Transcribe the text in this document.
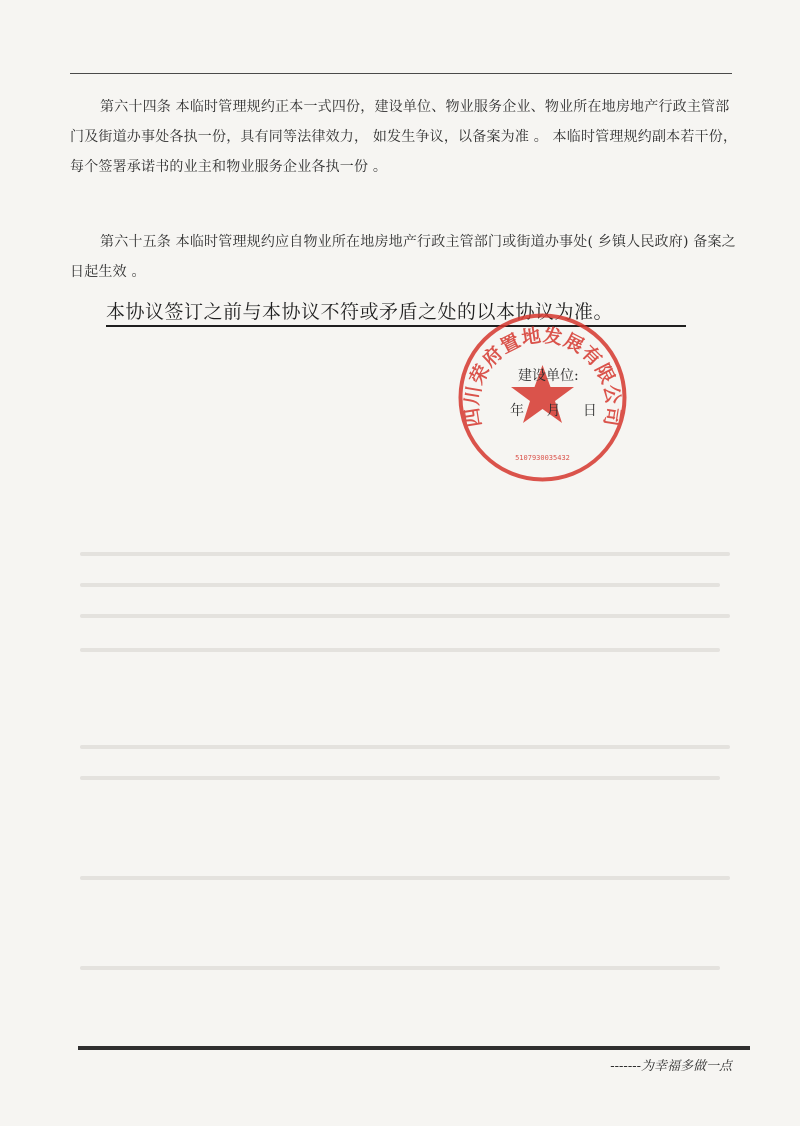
第六十四条 本临时管理规约正本一式四份，建设单位、物业服务企业、物业所在地房地产行政主管部门及街道办事处各执一份，具有同等法律效力， 如发生争议，以备案为准 。 本临时管理规约副本若干份， 每个签署承诺书的业主和物业服务企业各执一份 。
第六十五条 本临时管理规约应自物业所在地房地产行政主管部门或街道办事处( 乡镇人民政府) 备案之日起生效 。
本协议签订之前与本协议不符或矛盾之处的以本协议为准。
四川荣府置地发展有限公司
5107930035432
建设单位:
年 月 日
-------为幸福多做一点
